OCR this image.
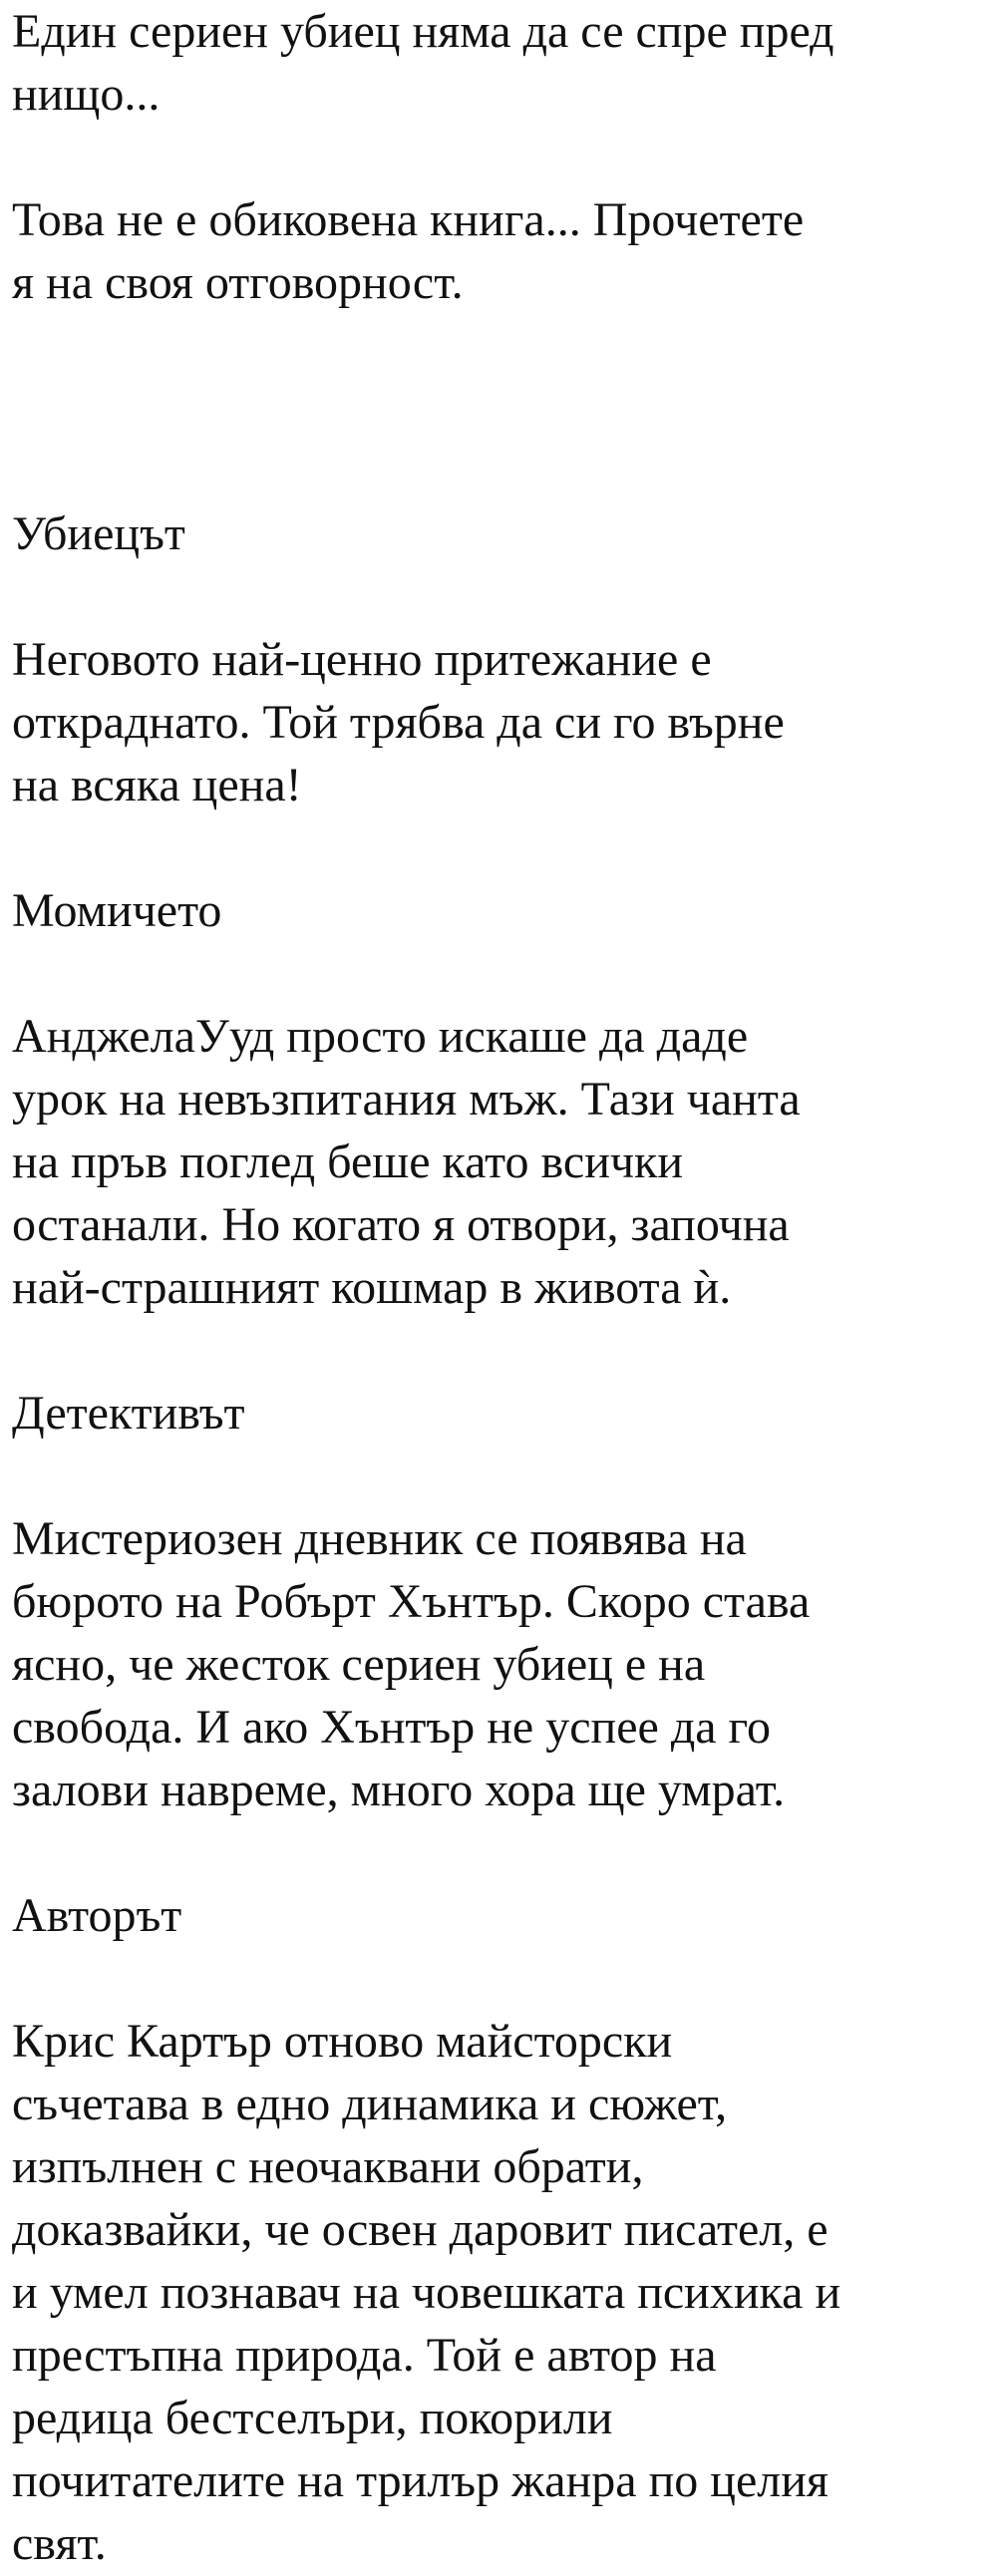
Един сериен убиец няма да се спре пред
нищо...

Това не е обиковена книга... Прочетете
я на своя отговорност.

Убиецът

Неговото най-ценно притежание е
откраднато. Той трябва да си го върне
на всяка цена!

Момичето

АнджелаУуд просто искаше да даде
урок на невъзпитания мъж. Тази чанта
на пръв поглед беше като всички
останали. Но когато я отвори, започна
най-страшният кошмар в живота ѝ.

Детективът

Мистериозен дневник се появява на
бюрото на Робърт Хънтър. Скоро става
ясно, че жесток сериен убиец е на
свобода. И ако Хънтър не успее да го
залови навреме, много хора ще умрат.

Авторът

Крис Картър отново майсторски
съчетава в едно динамика и сюжет,
изпълнен с неочаквани обрати,
доказвайки, че освен даровит писател, е
и умел познавач на човешката психика и
престъпна природа. Той е автор на
редица бестселъри, покорили
почитателите на трилър жанра по целия
свят.
